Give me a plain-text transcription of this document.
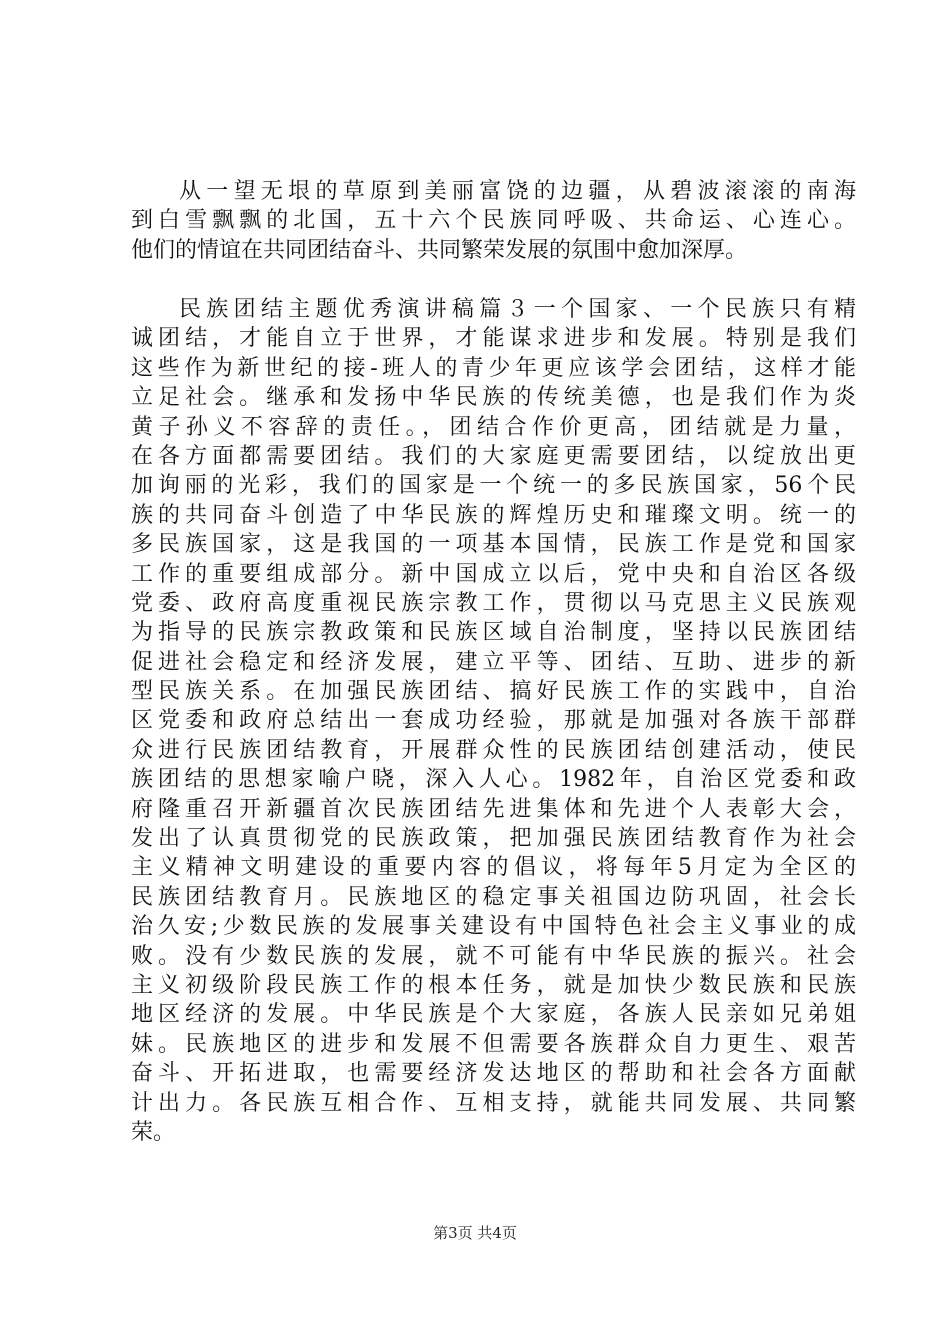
从一望无垠的草原到美丽富饶的边疆，从碧波滚滚的南海
到白雪飘飘的北国，五十六个民族同呼吸、共命运、心连心。
他们的情谊在共同团结奋斗、共同繁荣发展的氛围中愈加深厚。
民族团结主题优秀演讲稿篇３一个国家、一个民族只有精
诚团结，才能自立于世界，才能谋求进步和发展。特别是我们
这些作为新世纪的接-班人的青少年更应该学会团结，这样才能
立足社会。继承和发扬中华民族的传统美德，也是我们作为炎
黄子孙义不容辞的责任。，团结合作价更高，团结就是力量，
在各方面都需要团结。我们的大家庭更需要团结，以绽放出更
加询丽的光彩，我们的国家是一个统一的多民族国家，56个民
族的共同奋斗创造了中华民族的辉煌历史和璀璨文明。统一的
多民族国家，这是我国的一项基本国情，民族工作是党和国家
工作的重要组成部分。新中国成立以后，党中央和自治区各级
党委、政府高度重视民族宗教工作，贯彻以马克思主义民族观
为指导的民族宗教政策和民族区域自治制度，坚持以民族团结
促进社会稳定和经济发展，建立平等、团结、互助、进步的新
型民族关系。在加强民族团结、搞好民族工作的实践中，自治
区党委和政府总结出一套成功经验，那就是加强对各族干部群
众进行民族团结教育，开展群众性的民族团结创建活动，使民
族团结的思想家喻户晓，深入人心。1982年，自治区党委和政
府隆重召开新疆首次民族团结先进集体和先进个人表彰大会，
发出了认真贯彻党的民族政策，把加强民族团结教育作为社会
主义精神文明建设的重要内容的倡议，将每年5月定为全区的
民族团结教育月。民族地区的稳定事关祖国边防巩固，社会长
治久安;少数民族的发展事关建设有中国特色社会主义事业的成
败。没有少数民族的发展，就不可能有中华民族的振兴。社会
主义初级阶段民族工作的根本任务，就是加快少数民族和民族
地区经济的发展。中华民族是个大家庭，各族人民亲如兄弟姐
妹。民族地区的进步和发展不但需要各族群众自力更生、艰苦
奋斗、开拓进取，也需要经济发达地区的帮助和社会各方面献
计出力。各民族互相合作、互相支持，就能共同发展、共同繁
荣。
第3页 共4页
